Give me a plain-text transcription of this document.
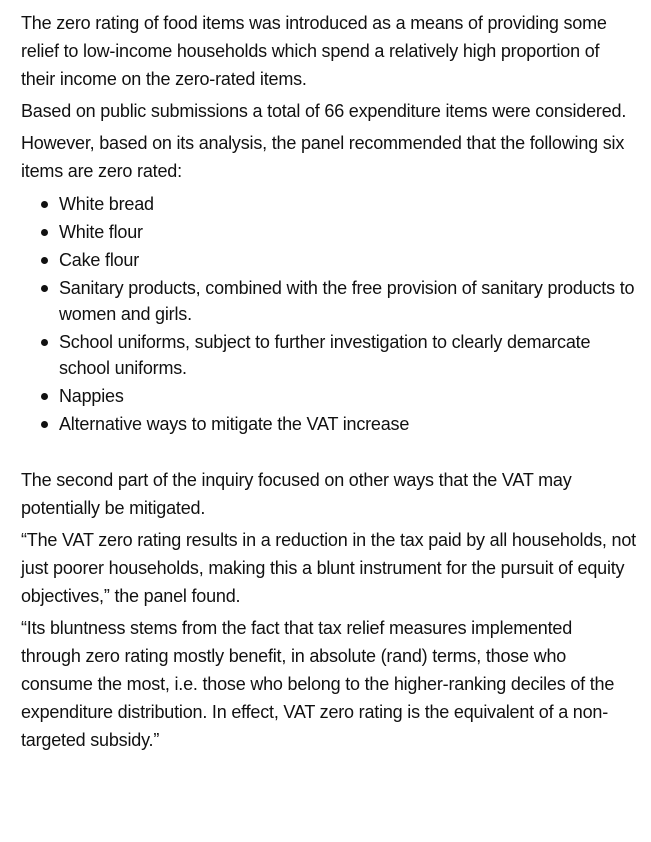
The zero rating of food items was introduced as a means of providing some relief to low-income households which spend a relatively high proportion of their income on the zero-rated items.

Based on public submissions a total of 66 expenditure items were considered.

However, based on its analysis, the panel recommended that the following six items are zero rated:

White bread
White flour
Cake flour
Sanitary products, combined with the free provision of sanitary products to women and girls.
School uniforms, subject to further investigation to clearly demarcate school uniforms.
Nappies
Alternative ways to mitigate the VAT increase

The second part of the inquiry focused on other ways that the VAT may potentially be mitigated.

“The VAT zero rating results in a reduction in the tax paid by all households, not just poorer households, making this a blunt instrument for the pursuit of equity objectives,” the panel found.

“Its bluntness stems from the fact that tax relief measures implemented through zero rating mostly benefit, in absolute (rand) terms, those who consume the most, i.e. those who belong to the higher-ranking deciles of the expenditure distribution. In effect, VAT zero rating is the equivalent of a non-targeted subsidy.”
